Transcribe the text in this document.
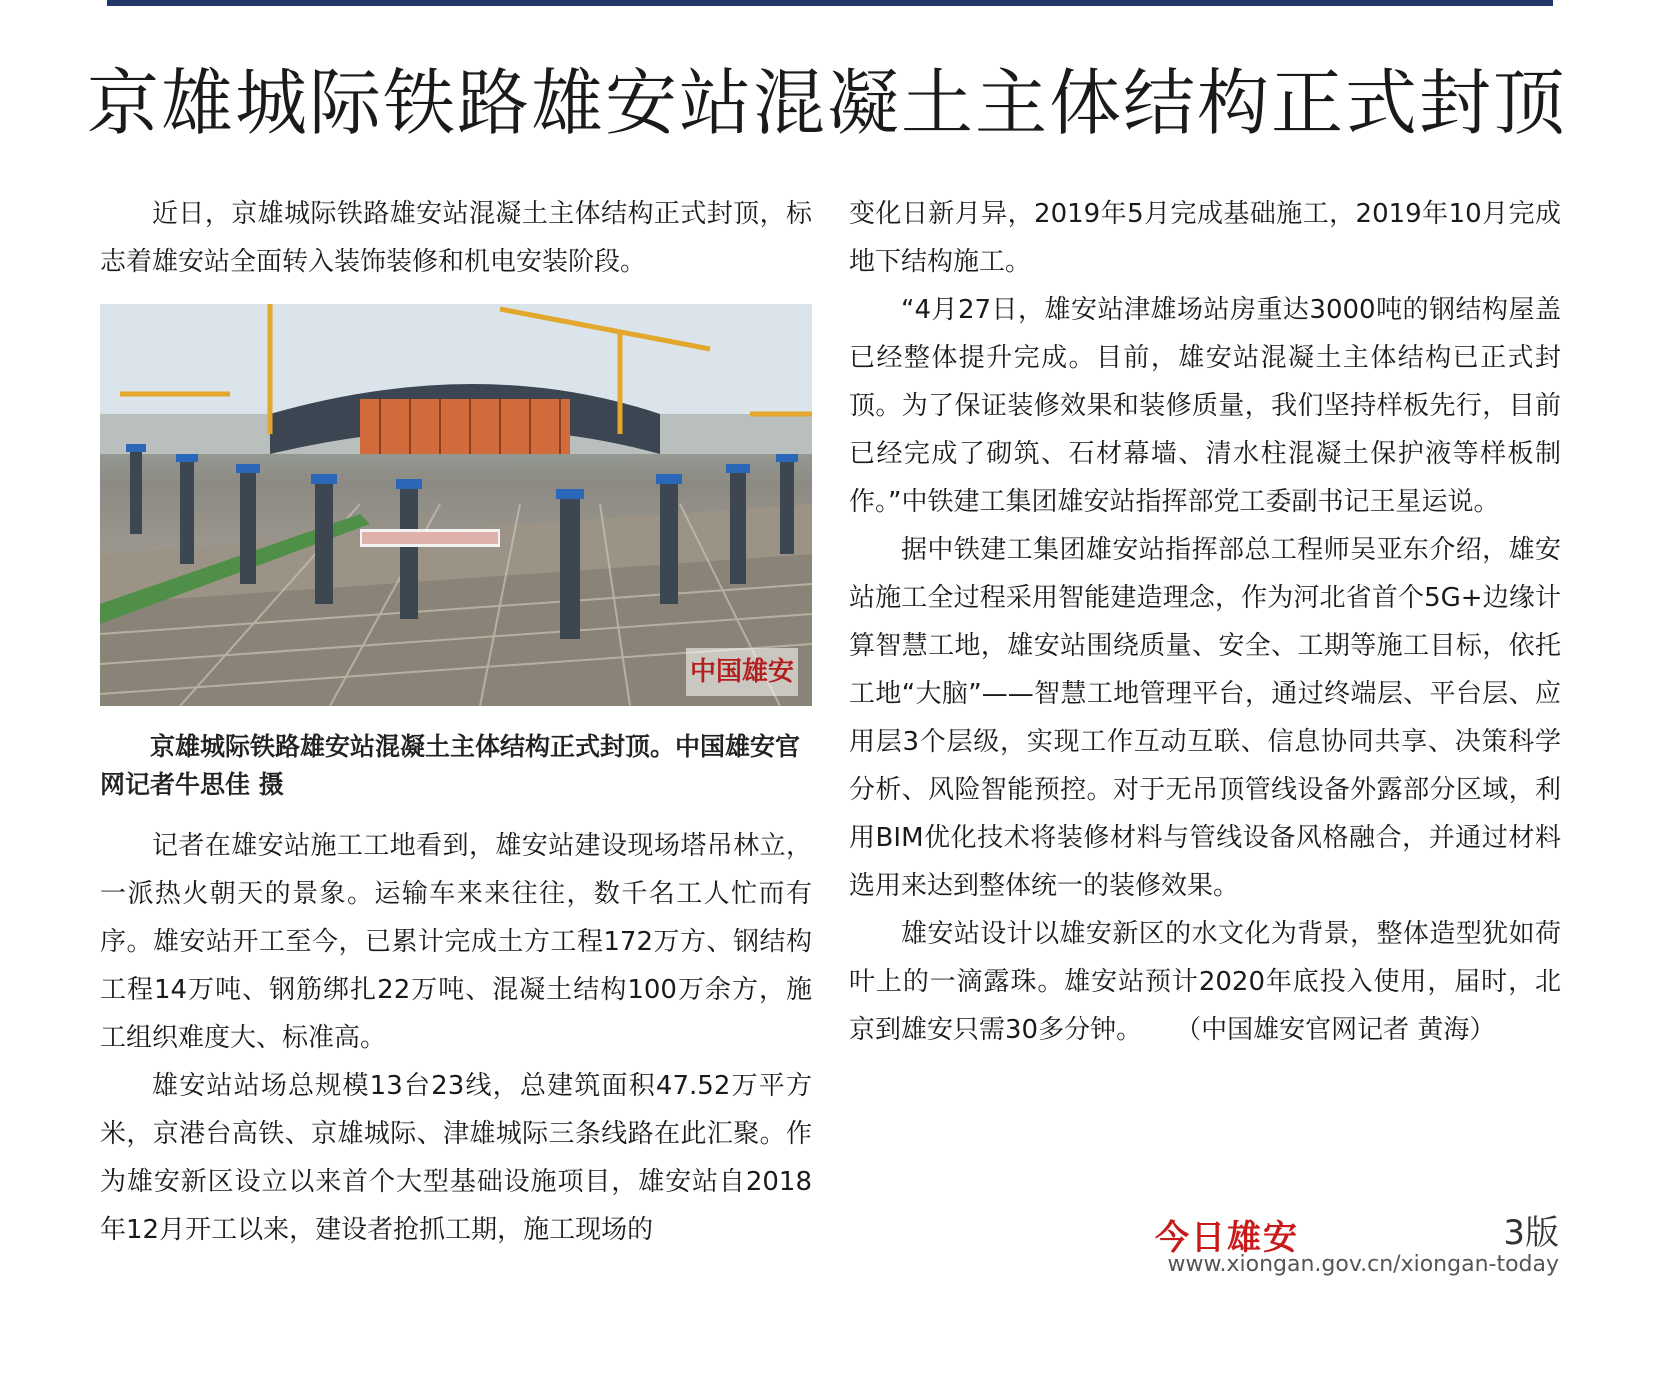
京雄城际铁路雄安站混凝土主体结构正式封顶

近日，京雄城际铁路雄安站混凝土主体结构正式封顶，标志着雄安站全面转入装饰装修和机电安装阶段。

中国雄安

京雄城际铁路雄安站混凝土主体结构正式封顶。中国雄安官网记者牛思佳 摄

记者在雄安站施工工地看到，雄安站建设现场塔吊林立，一派热火朝天的景象。运输车来来往往，数千名工人忙而有序。雄安站开工至今，已累计完成土方工程172万方、钢结构工程14万吨、钢筋绑扎22万吨、混凝土结构100万余方，施工组织难度大、标准高。

雄安站站场总规模13台23线，总建筑面积47.52万平方米，京港台高铁、京雄城际、津雄城际三条线路在此汇聚。作为雄安新区设立以来首个大型基础设施项目，雄安站自2018年12月开工以来，建设者抢抓工期，施工现场的

变化日新月异，2019年5月完成基础施工，2019年10月完成地下结构施工。

“4月27日，雄安站津雄场站房重达3000吨的钢结构屋盖已经整体提升完成。目前，雄安站混凝土主体结构已正式封顶。为了保证装修效果和装修质量，我们坚持样板先行，目前已经完成了砌筑、石材幕墙、清水柱混凝土保护液等样板制作。”中铁建工集团雄安站指挥部党工委副书记王星运说。

据中铁建工集团雄安站指挥部总工程师吴亚东介绍，雄安站施工全过程采用智能建造理念，作为河北省首个5G+边缘计算智慧工地，雄安站围绕质量、安全、工期等施工目标，依托工地“大脑”——智慧工地管理平台，通过终端层、平台层、应用层3个层级，实现工作互动互联、信息协同共享、决策科学分析、风险智能预控。对于无吊顶管线设备外露部分区域，利用BIM优化技术将装修材料与管线设备风格融合，并通过材料选用来达到整体统一的装修效果。

雄安站设计以雄安新区的水文化为背景，整体造型犹如荷叶上的一滴露珠。雄安站预计2020年底投入使用，届时，北京到雄安只需30多分钟。 （中国雄安官网记者 黄海）

今日雄安	3版
www.xiongan.gov.cn/xiongan-today
